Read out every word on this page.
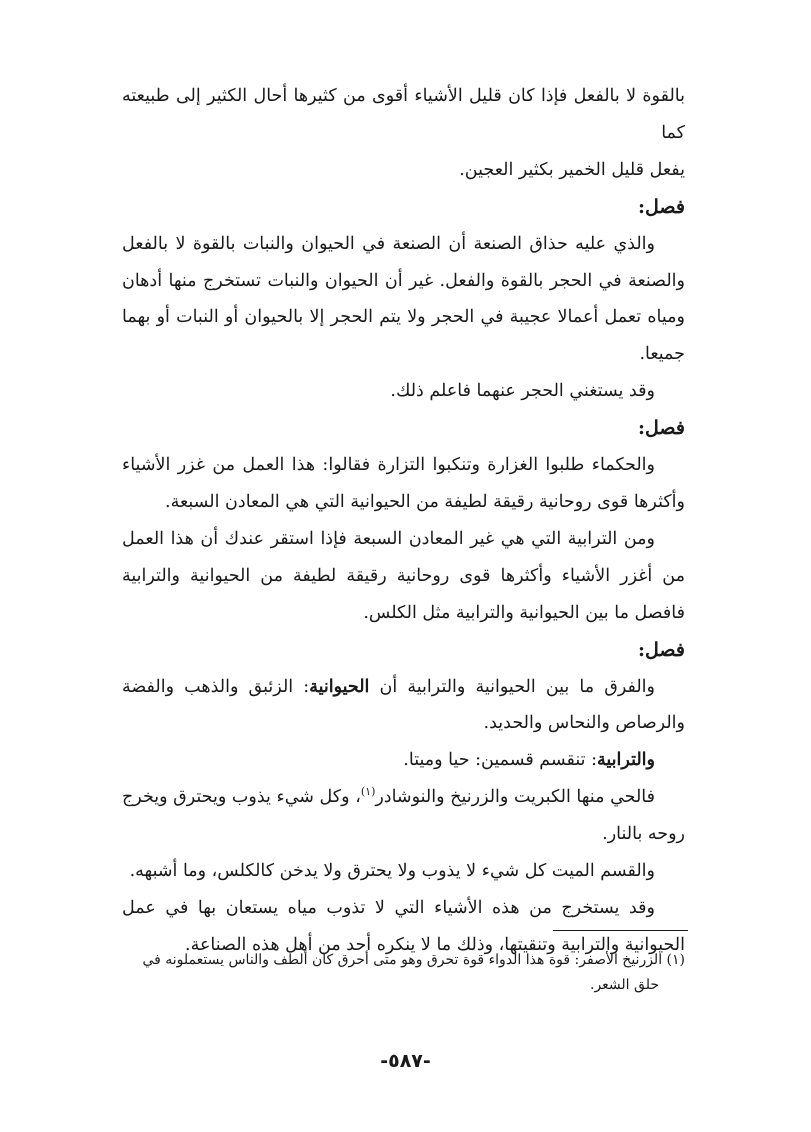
بالقوة لا بالفعل فإذا كان قليل الأشياء أقوى من كثيرها أحال الكثير إلى طبيعته كما

يفعل قليل الخمير بكثير العجين.

فصل:

والذي عليه حذاق الصنعة أن الصنعة في الحيوان والنبات بالقوة لا بالفعل والصنعة في الحجر بالقوة والفعل. غير أن الحيوان والنبات تستخرج منها أدهان ومياه تعمل أعمالا عجيبة في الحجر ولا يتم الحجر إلا بالحيوان أو النبات أو بهما جميعا.

وقد يستغني الحجر عنهما فاعلم ذلك.

فصل:

والحكماء طلبوا الغزارة وتنكبوا التزارة فقالوا: هذا العمل من غزر الأشياء وأكثرها قوى روحانية رقيقة لطيفة من الحيوانية التي هي المعادن السبعة.

ومن الترابية التي هي غير المعادن السبعة فإذا استقر عندك أن هذا العمل من أغزر الأشياء وأكثرها قوى روحانية رقيقة لطيفة من الحيوانية والترابية فافصل ما بين الحيوانية والترابية مثل الكلس.

فصل:

والفرق ما بين الحيوانية والترابية أن الحيوانية: الزئبق والذهب والفضة والرصاص والنحاس والحديد.

والترابية: تنقسم قسمين: حيا وميتا.

فالحي منها الكبريت والزرنيخ والنوشادر$^{(١)}$، وكل شيء يذوب ويحترق ويخرج روحه بالنار.

والقسم الميت كل شيء لا يذوب ولا يحترق ولا يدخن كالكلس، وما أشبهه.

وقد يستخرج من هذه الأشياء التي لا تذوب مياه يستعان بها في عمل الحيوانية والترابية وتنقيتها، وذلك ما لا ينكره أحد من أهل هذه الصناعة.

(١) الزرنيخ الأصفر: قوة هذا الدواء قوة تحرق وهو متى أحرق كان ألطف والناس يستعملونه في
حلق الشعر.
-٥٨٧-
